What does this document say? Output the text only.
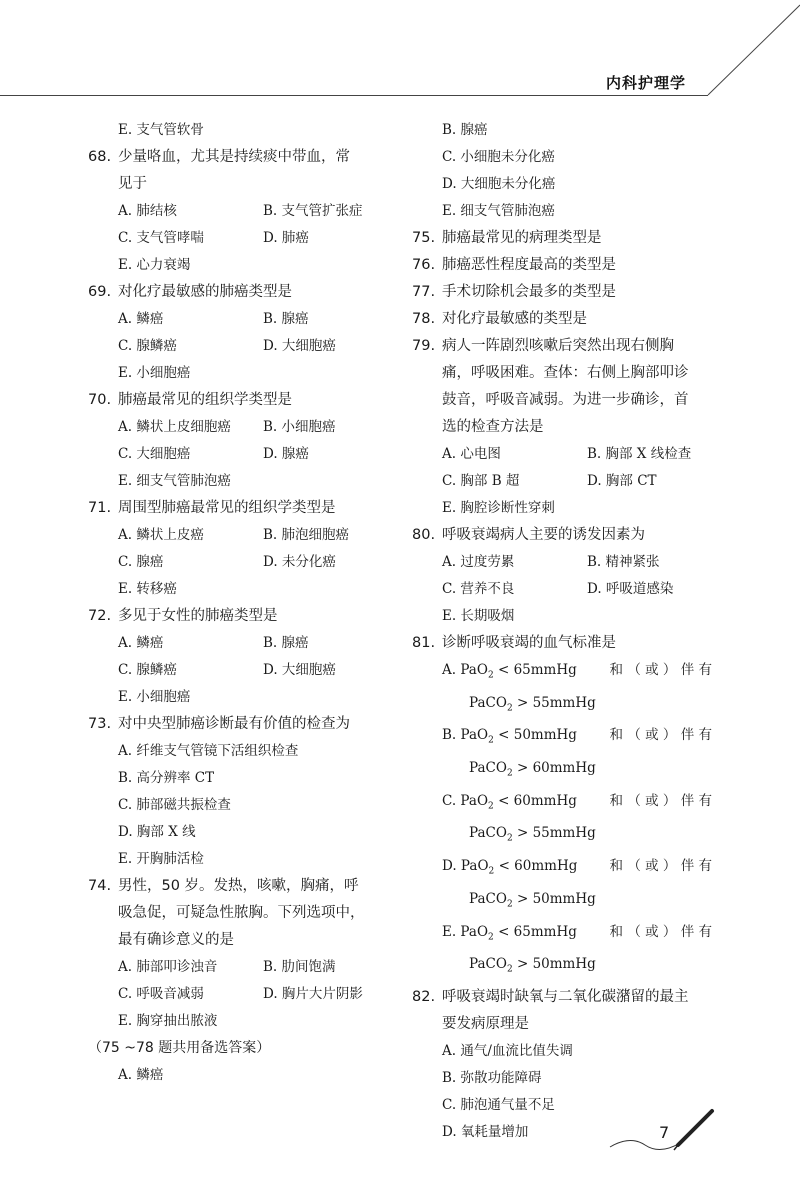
内科护理学
E. 支气管软骨
68. 少量咯血，尤其是持续痰中带血，常
见于
A. 肺结核	B. 支气管扩张症
C. 支气管哮喘	D. 肺癌
E. 心力衰竭
69. 对化疗最敏感的肺癌类型是
A. 鳞癌	B. 腺癌
C. 腺鳞癌	D. 大细胞癌
E. 小细胞癌
70. 肺癌最常见的组织学类型是
A. 鳞状上皮细胞癌	B. 小细胞癌
C. 大细胞癌	D. 腺癌
E. 细支气管肺泡癌
71. 周围型肺癌最常见的组织学类型是
A. 鳞状上皮癌	B. 肺泡细胞癌
C. 腺癌	D. 未分化癌
E. 转移癌
72. 多见于女性的肺癌类型是
A. 鳞癌	B. 腺癌
C. 腺鳞癌	D. 大细胞癌
E. 小细胞癌
73. 对中央型肺癌诊断最有价值的检查为
A. 纤维支气管镜下活组织检查
B. 高分辨率 CT
C. 肺部磁共振检查
D. 胸部 X 线
E. 开胸肺活检
74. 男性，50 岁。发热，咳嗽，胸痛，呼
吸急促，可疑急性脓胸。下列选项中，
最有确诊意义的是
A. 肺部叩诊浊音	B. 肋间饱满
C. 呼吸音减弱	D. 胸片大片阴影
E. 胸穿抽出脓液
（75 ~78 题共用备选答案）
A. 鳞癌
B. 腺癌
C. 小细胞未分化癌
D. 大细胞未分化癌
E. 细支气管肺泡癌
75. 肺癌最常见的病理类型是
76. 肺癌恶性程度最高的类型是
77. 手术切除机会最多的类型是
78. 对化疗最敏感的类型是
79. 病人一阵剧烈咳嗽后突然出现右侧胸
痛，呼吸困难。查体：右侧上胸部叩诊
鼓音，呼吸音减弱。为进一步确诊，首
选的检查方法是
A. 心电图	B. 胸部 X 线检查
C. 胸部 B 超	D. 胸部 CT
E. 胸腔诊断性穿刺
80. 呼吸衰竭病人主要的诱发因素为
A. 过度劳累	B. 精神紧张
C. 营养不良	D. 呼吸道感染
E. 长期吸烟
81. 诊断呼吸衰竭的血气标准是
A. PaO$_2$ < 65mmHg 和 （ 或 ） 伴 有
PaCO$_2$ > 55mmHg
B. PaO$_2$ < 50mmHg 和 （ 或 ） 伴 有
PaCO$_2$ > 60mmHg
C. PaO$_2$ < 60mmHg 和 （ 或 ） 伴 有
PaCO$_2$ > 55mmHg
D. PaO$_2$ < 60mmHg 和 （ 或 ） 伴 有
PaCO$_2$ > 50mmHg
E. PaO$_2$ < 65mmHg 和 （ 或 ） 伴 有
PaCO$_2$ > 50mmHg
82. 呼吸衰竭时缺氧与二氧化碳潴留的最主
要发病原理是
A. 通气/血流比值失调
B. 弥散功能障碍
C. 肺泡通气量不足
D. 氧耗量增加	7
